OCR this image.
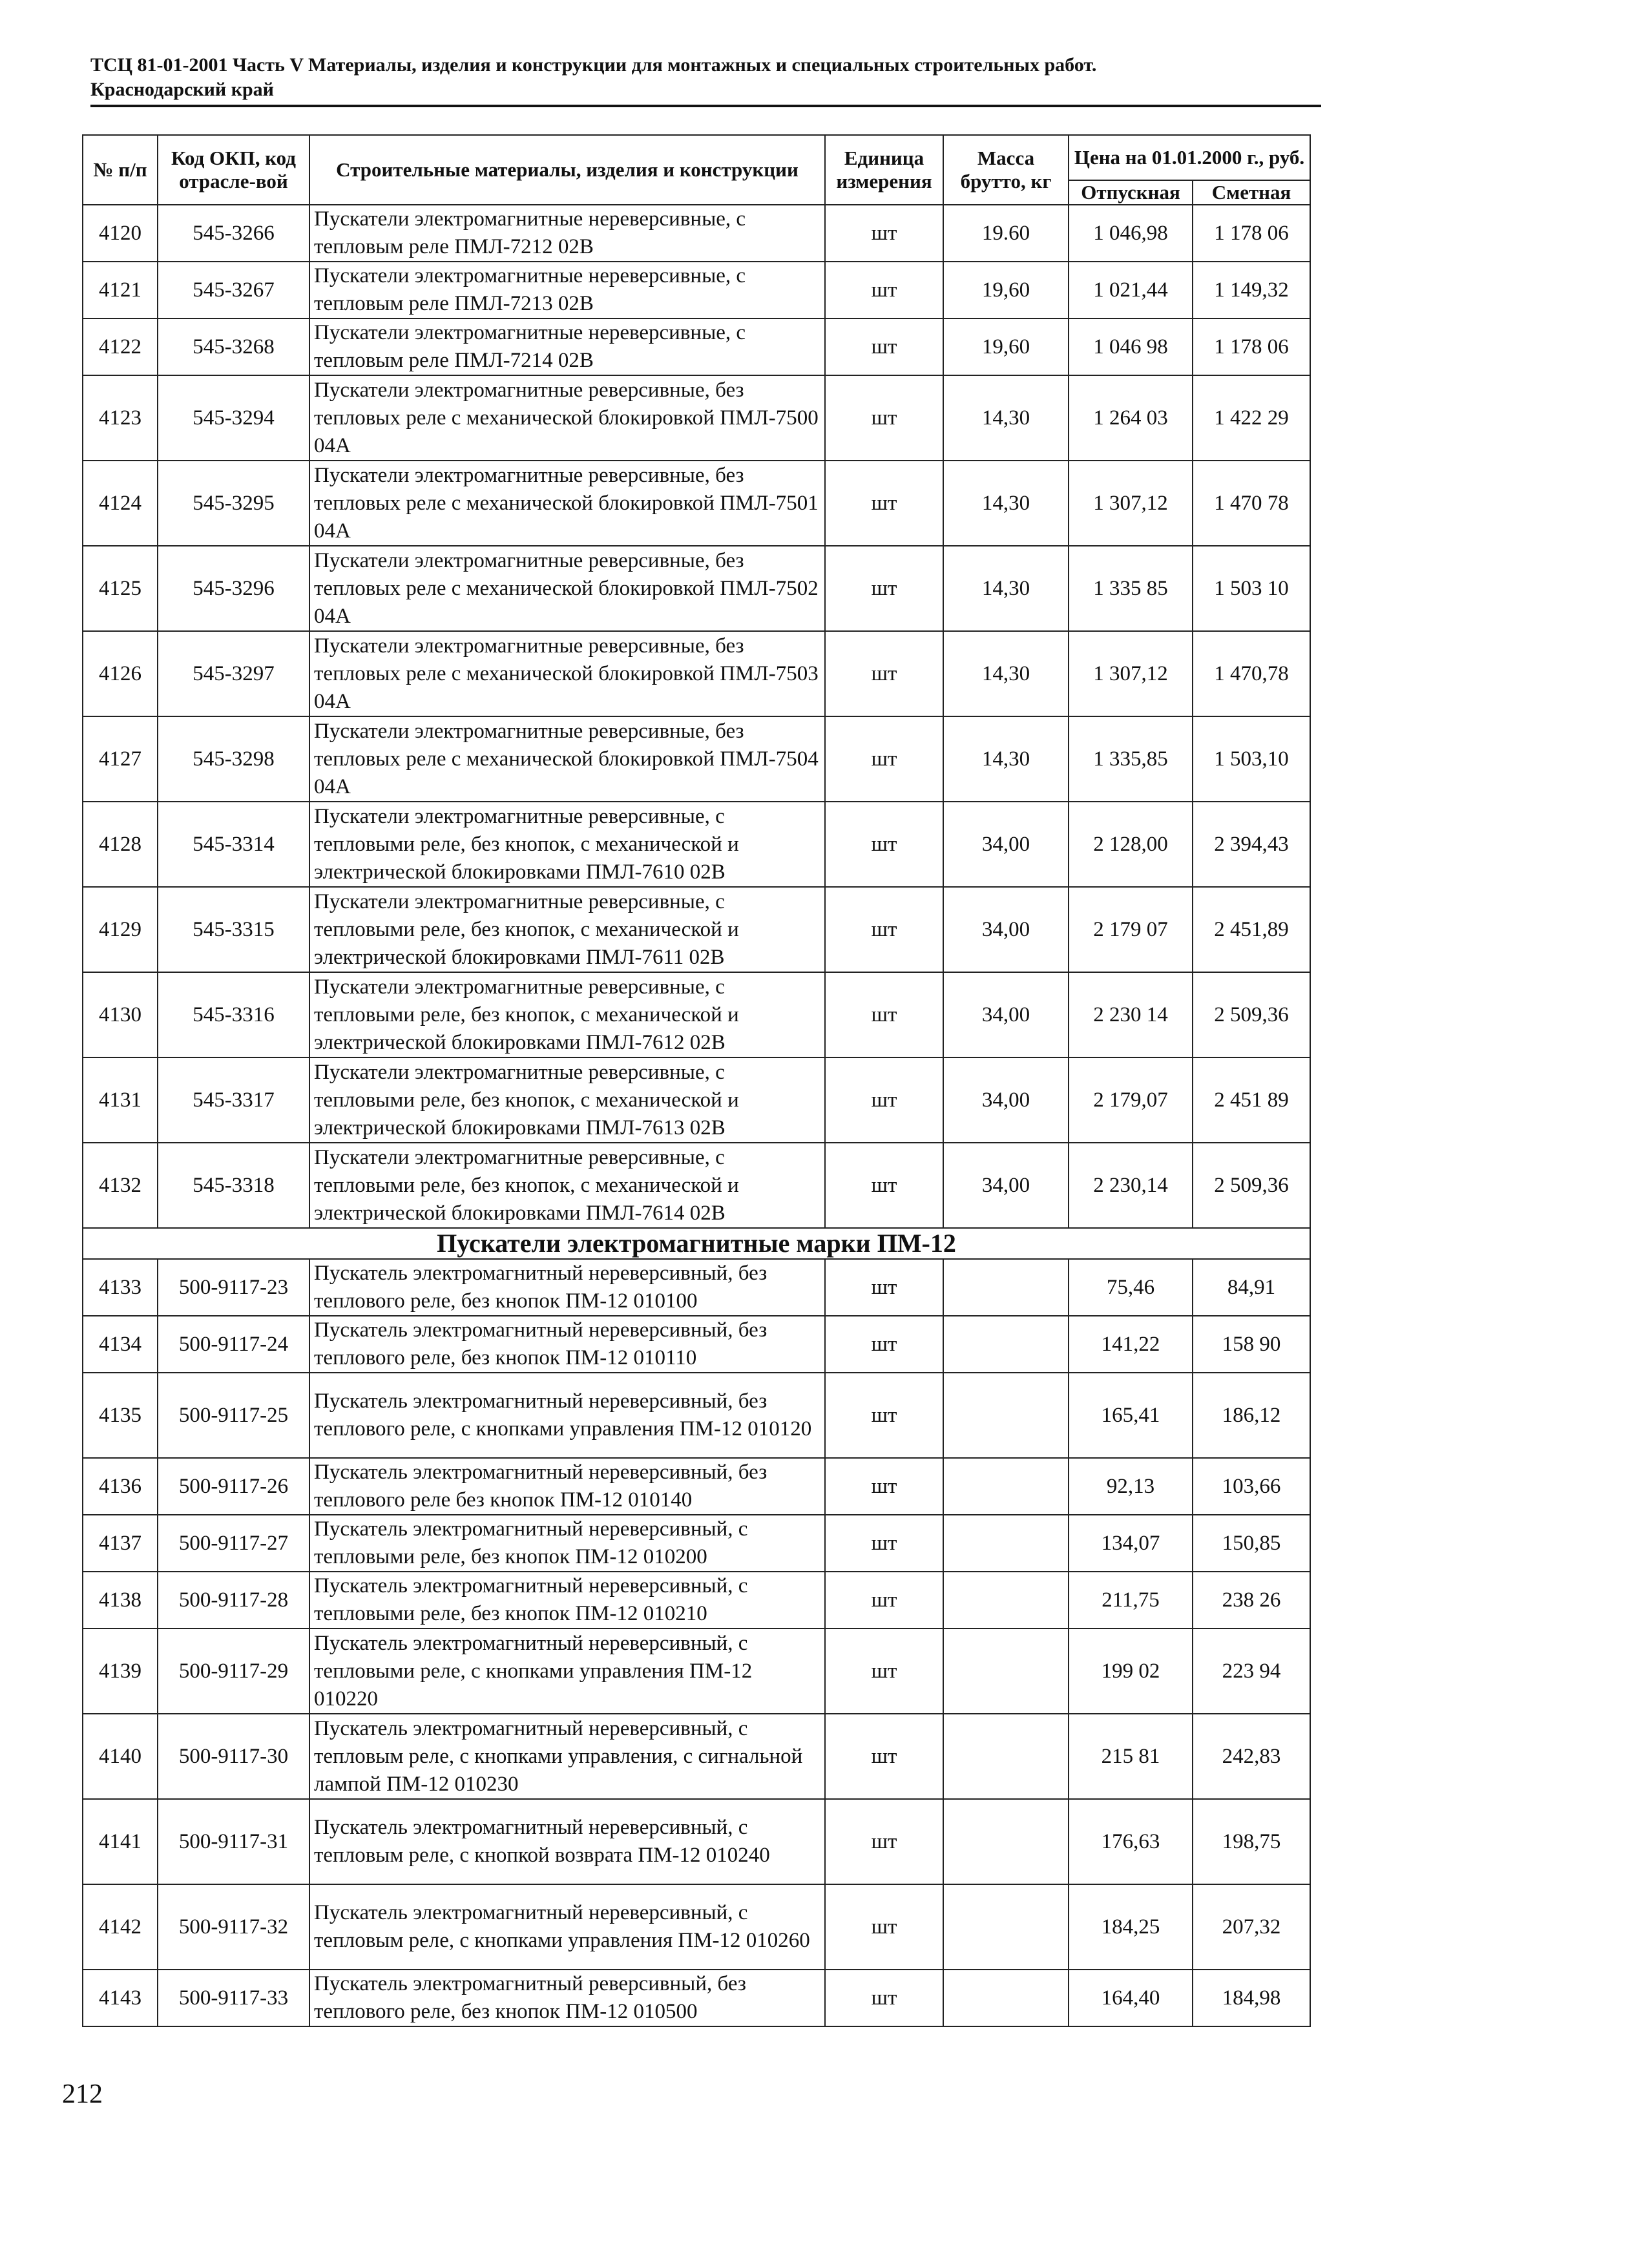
ТСЦ 81-01-2001 Часть V Материалы, изделия и конструкции для монтажных и специальных строительных работ.
Краснодарский край
№ п/п	Код ОКП, код отрасле-вой	Строительные материалы, изделия и конструкции	Единица измерения	Масса брутто, кг	Цена на 01.01.2000 г., руб.	
					Отпускная	Сметная
4120	545-3266	Пускатели электромагнитные нереверсивные, с тепловым реле ПМЛ-7212 02В	шт	19.60	1 046,98	1 178 06
4121	545-3267	Пускатели электромагнитные нереверсивные, с тепловым реле ПМЛ-7213 02В	шт	19,60	1 021,44	1 149,32
4122	545-3268	Пускатели электромагнитные нереверсивные, с тепловым реле ПМЛ-7214 02В	шт	19,60	1 046 98	1 178 06
4123	545-3294	Пускатели электромагнитные реверсивные, без тепловых реле с механической блокировкой ПМЛ-7500 04А	шт	14,30	1 264 03	1 422 29
4124	545-3295	Пускатели электромагнитные реверсивные, без тепловых реле с механической блокировкой ПМЛ-7501 04А	шт	14,30	1 307,12	1 470 78
4125	545-3296	Пускатели электромагнитные реверсивные, без тепловых реле с механической блокировкой ПМЛ-7502 04А	шт	14,30	1 335 85	1 503 10
4126	545-3297	Пускатели электромагнитные реверсивные, без тепловых реле с механической блокировкой ПМЛ-7503 04А	шт	14,30	1 307,12	1 470,78
4127	545-3298	Пускатели электромагнитные реверсивные, без тепловых реле с механической блокировкой ПМЛ-7504 04А	шт	14,30	1 335,85	1 503,10
4128	545-3314	Пускатели электромагнитные реверсивные, с тепловыми реле, без кнопок, с механической и электрической блокировками ПМЛ-7610 02В	шт	34,00	2 128,00	2 394,43
4129	545-3315	Пускатели электромагнитные реверсивные, с тепловыми реле, без кнопок, с механической и электрической блокировками ПМЛ-7611 02В	шт	34,00	2 179 07	2 451,89
4130	545-3316	Пускатели электромагнитные реверсивные, с тепловыми реле, без кнопок, с механической и электрической блокировками ПМЛ-7612 02В	шт	34,00	2 230 14	2 509,36
4131	545-3317	Пускатели электромагнитные реверсивные, с тепловыми реле, без кнопок, с механической и электрической блокировками ПМЛ-7613 02В	шт	34,00	2 179,07	2 451 89
4132	545-3318	Пускатели электромагнитные реверсивные, с тепловыми реле, без кнопок, с механической и электрической блокировками ПМЛ-7614 02В	шт	34,00	2 230,14	2 509,36
Пускатели электромагнитные марки ПМ-12						
4133	500-9117-23	Пускатель электромагнитный нереверсивный, без теплового реле, без кнопок ПМ-12 010100	шт		75,46	84,91
4134	500-9117-24	Пускатель электромагнитный нереверсивный, без теплового реле, без кнопок ПМ-12 010110	шт		141,22	158 90
4135	500-9117-25	Пускатель электромагнитный нереверсивный, без теплового реле, с кнопками управления ПМ-12 010120	шт		165,41	186,12
4136	500-9117-26	Пускатель электромагнитный нереверсивный, без теплового реле без кнопок ПМ-12 010140	шт		92,13	103,66
4137	500-9117-27	Пускатель электромагнитный нереверсивный, с тепловыми реле, без кнопок ПМ-12 010200	шт		134,07	150,85
4138	500-9117-28	Пускатель электромагнитный нереверсивный, с тепловыми реле, без кнопок ПМ-12 010210	шт		211,75	238 26
4139	500-9117-29	Пускатель электромагнитный нереверсивный, с тепловыми реле, с кнопками управления ПМ-12 010220	шт		199 02	223 94
4140	500-9117-30	Пускатель электромагнитный нереверсивный, с тепловым реле, с кнопками управления, с сигнальной лампой ПМ-12 010230	шт		215 81	242,83
4141	500-9117-31	Пускатель электромагнитный нереверсивный, с тепловым реле, с кнопкой возврата ПМ-12 010240	шт		176,63	198,75
4142	500-9117-32	Пускатель электромагнитный нереверсивный, с тепловым реле, с кнопками управления ПМ-12 010260	шт		184,25	207,32
4143	500-9117-33	Пускатель электромагнитный реверсивный, без теплового реле, без кнопок ПМ-12 010500	шт		164,40	184,98
212
